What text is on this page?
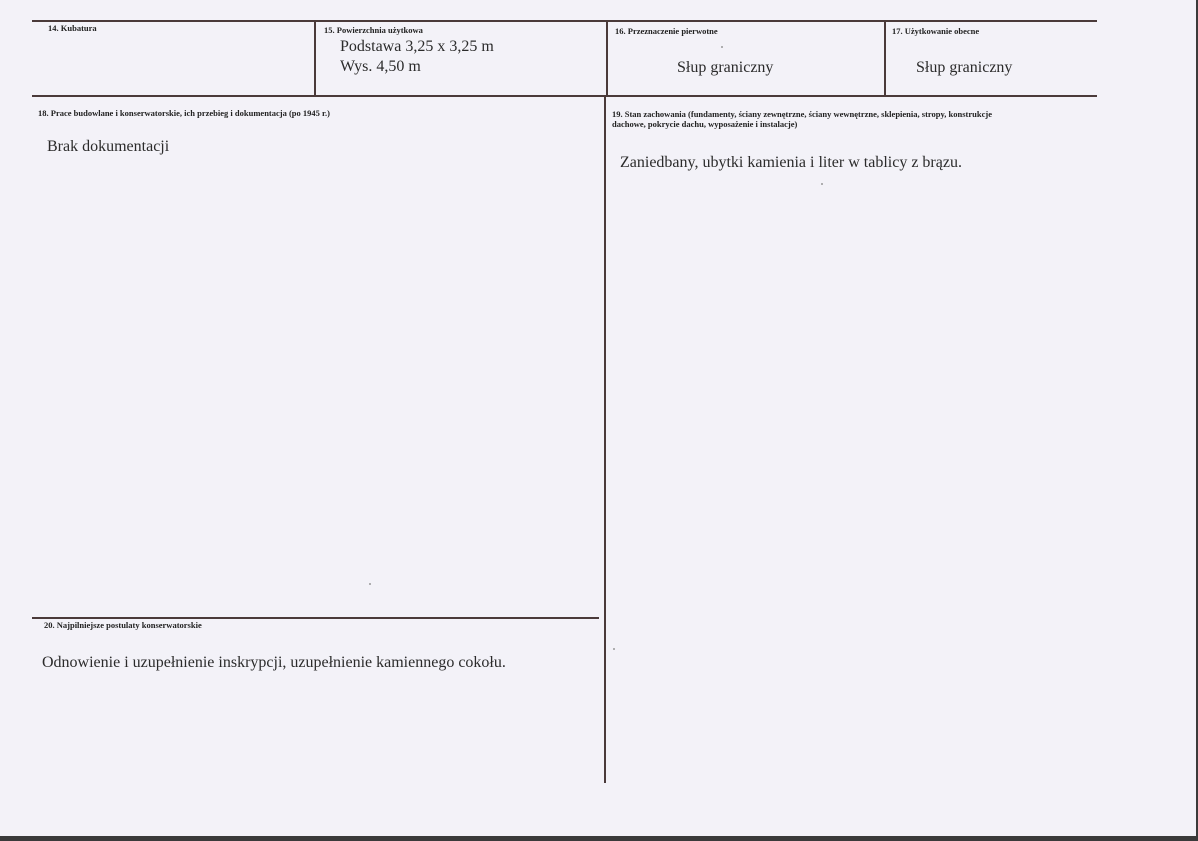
14. Kubatura	15. Powierzchnia użytkowa
Podstawa 3,25 x 3,25 m
Wys. 4,50 m
16. Przeznaczenie pierwotne
Słup graniczny
17. Użytkowanie obecne
Słup graniczny
18. Prace budowlane i konserwatorskie, ich przebieg i dokumentacja (po 1945 r.)
Brak dokumentacji
19. Stan zachowania (fundamenty, ściany zewnętrzne, ściany wewnętrzne, sklepienia, stropy, konstrukcje
dachowe, pokrycie dachu, wyposażenie i instalacje)
Zaniedbany, ubytki kamienia i liter w tablicy z brązu.
20. Najpilniejsze postulaty konserwatorskie
Odnowienie i uzupełnienie inskrypcji, uzupełnienie kamiennego cokołu.
